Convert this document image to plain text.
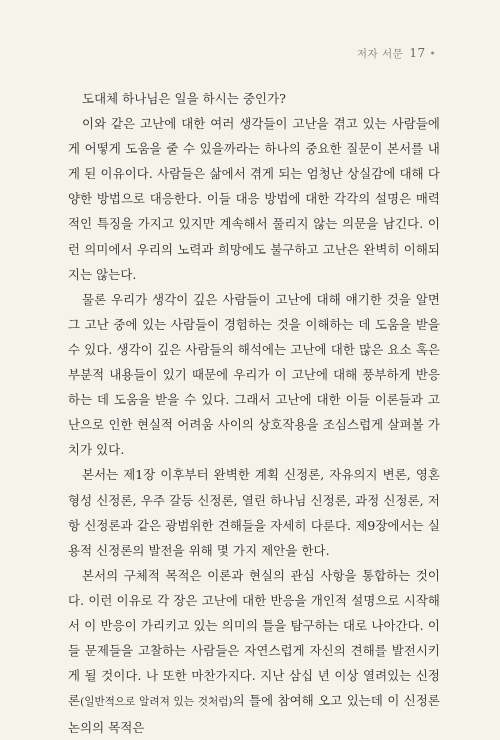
저자 서문 17 •

도대체 하나님은 일을 하시는 중인가?

이와 같은 고난에 대한 여러 생각들이 고난을 겪고 있는 사람들에게 어떻게 도움을 줄 수 있을까라는 하나의 중요한 질문이 본서를 내게 된 이유이다. 사람들은 삶에서 겪게 되는 엄청난 상실감에 대해 다양한 방법으로 대응한다. 이들 대응 방법에 대한 각각의 설명은 매력적인 특징을 가지고 있지만 계속해서 풀리지 않는 의문을 남긴다. 이런 의미에서 우리의 노력과 희망에도 불구하고 고난은 완벽히 이해되지는 않는다.

물론 우리가 생각이 깊은 사람들이 고난에 대해 얘기한 것을 알면 그 고난 중에 있는 사람들이 경험하는 것을 이해하는 데 도움을 받을 수 있다. 생각이 깊은 사람들의 해석에는 고난에 대한 많은 요소 혹은 부분적 내용들이 있기 때문에 우리가 이 고난에 대해 풍부하게 반응하는 데 도움을 받을 수 있다. 그래서 고난에 대한 이들 이론들과 고난으로 인한 현실적 어려움 사이의 상호작용을 조심스럽게 살펴볼 가치가 있다.

본서는 제1장 이후부터 완벽한 계획 신정론, 자유의지 변론, 영혼 형성 신정론, 우주 갈등 신정론, 열린 하나님 신정론, 과정 신정론, 저항 신정론과 같은 광범위한 견해들을 자세히 다룬다. 제9장에서는 실용적 신정론의 발전을 위해 몇 가지 제안을 한다.

본서의 구체적 목적은 이론과 현실의 관심 사항을 통합하는 것이다. 이런 이유로 각 장은 고난에 대한 반응을 개인적 설명으로 시작해서 이 반응이 가리키고 있는 의미의 틀을 탐구하는 대로 나아간다. 이들 문제들을 고찰하는 사람들은 자연스럽게 자신의 견해를 발전시키게 될 것이다. 나 또한 마찬가지다. 지난 삼십 년 이상 열려있는 신정론(일반적으로 알려져 있는 것처럼)의 틀에 참여해 오고 있는데 이 신정론 논의의 목적은
